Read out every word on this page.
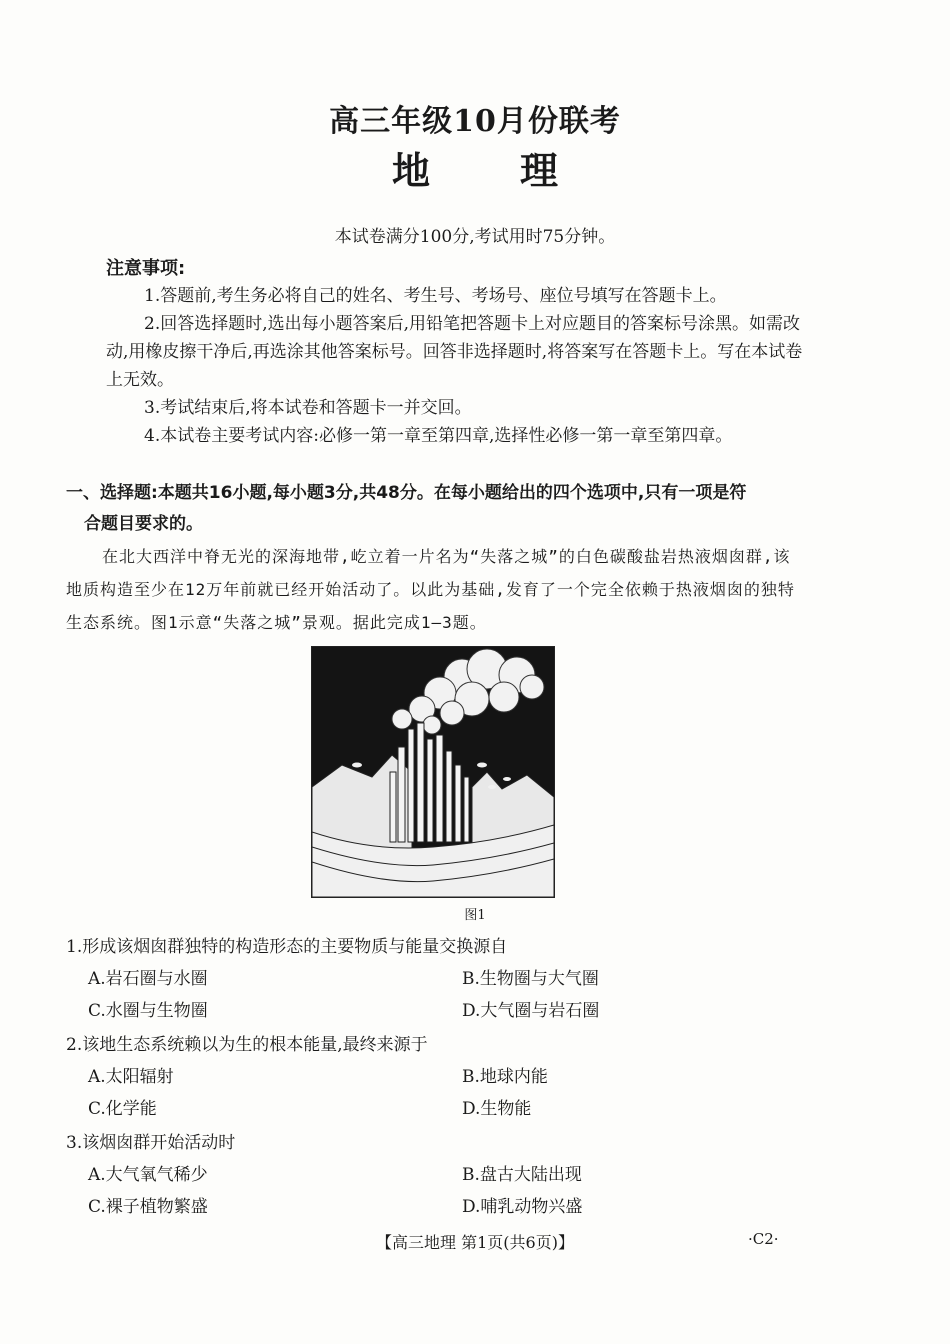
高三年级10月份联考
地理
本试卷满分100分,考试用时75分钟。
注意事项:

1.答题前,考生务必将自己的姓名、考生号、考场号、座位号填写在答题卡上。

2.回答选择题时,选出每小题答案后,用铅笔把答题卡上对应题目的答案标号涂黑。如需改动,用橡皮擦干净后,再选涂其他答案标号。回答非选择题时,将答案写在答题卡上。写在本试卷上无效。

3.考试结束后,将本试卷和答题卡一并交回。

4.本试卷主要考试内容:必修一第一章至第四章,选择性必修一第一章至第四章。

一、选择题:本题共16小题,每小题3分,共48分。在每小题给出的四个选项中,只有一项是符
合题目要求的。
在北大西洋中脊无光的深海地带,屹立着一片名为“失落之城”的白色碳酸盐岩热液烟囱群,该地质构造至少在12万年前就已经开始活动了。以此为基础,发育了一个完全依赖于热液烟囱的独特生态系统。图1示意“失落之城”景观。据此完成1—3题。
图1
1.形成该烟囱群独特的构造形态的主要物质与能量交换源自
A.岩石圈与水圈	B.生物圈与大气圈
C.水圈与生物圈	D.大气圈与岩石圈
2.该地生态系统赖以为生的根本能量,最终来源于
A.太阳辐射	B.地球内能
C.化学能	D.生物能
3.该烟囱群开始活动时
A.大气氧气稀少	B.盘古大陆出现
C.裸子植物繁盛	D.哺乳动物兴盛
【高三地理 第1页(共6页)】	·C2·
